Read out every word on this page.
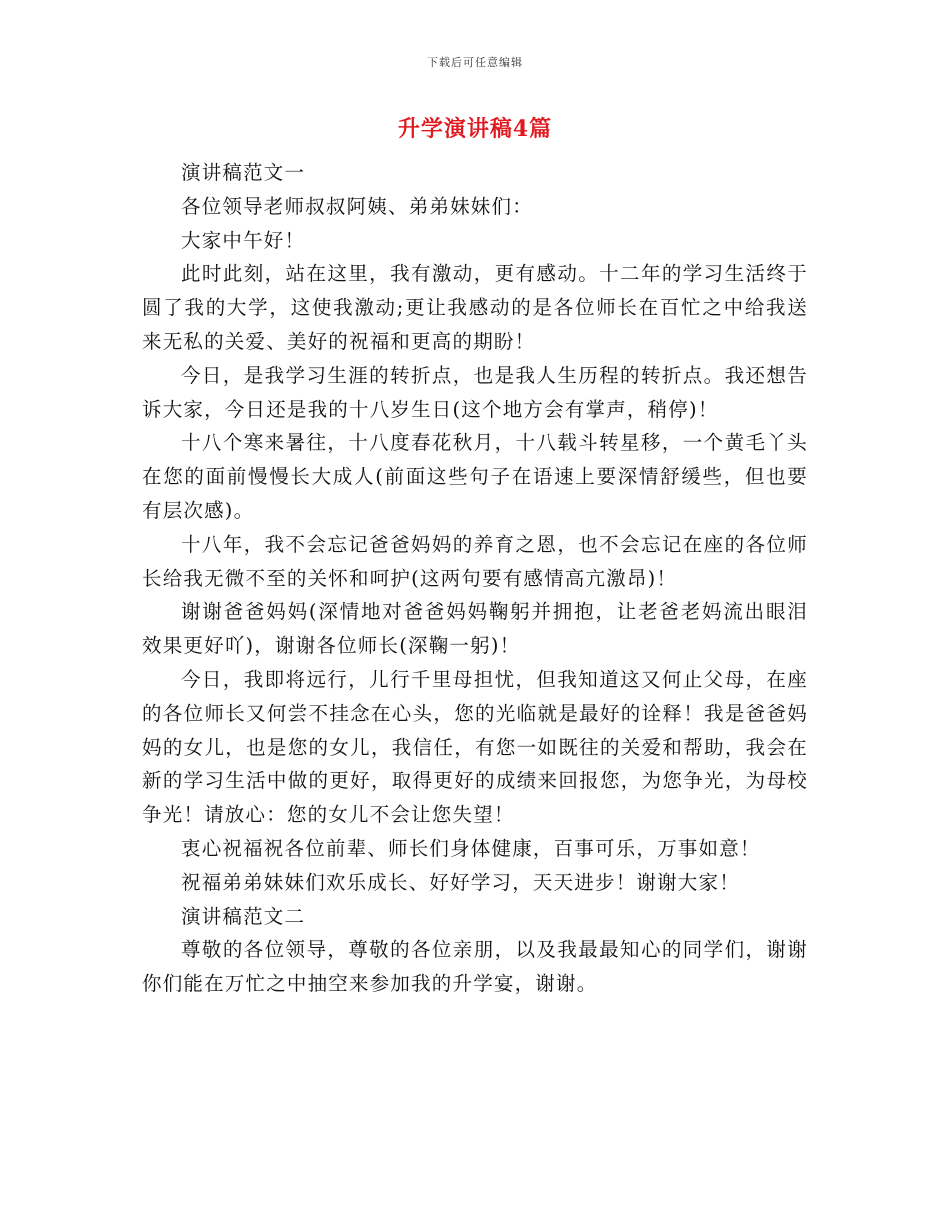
下载后可任意编辑
升学演讲稿4篇

演讲稿范文一

各位领导老师叔叔阿姨、弟弟妹妹们：

大家中午好！

此时此刻，站在这里，我有激动，更有感动。十二年的学习生活终于圆了我的大学，这使我激动;更让我感动的是各位师长在百忙之中给我送来无私的关爱、美好的祝福和更高的期盼！

今日，是我学习生涯的转折点，也是我人生历程的转折点。我还想告诉大家，今日还是我的十八岁生日(这个地方会有掌声，稍停)！

十八个寒来暑往，十八度春花秋月，十八载斗转星移，一个黄毛丫头在您的面前慢慢长大成人(前面这些句子在语速上要深情舒缓些，但也要有层次感)。

十八年，我不会忘记爸爸妈妈的养育之恩，也不会忘记在座的各位师长给我无微不至的关怀和呵护(这两句要有感情高亢激昂)！

谢谢爸爸妈妈(深情地对爸爸妈妈鞠躬并拥抱，让老爸老妈流出眼泪效果更好吖)，谢谢各位师长(深鞠一躬)！

今日，我即将远行，儿行千里母担忧，但我知道这又何止父母，在座的各位师长又何尝不挂念在心头，您的光临就是最好的诠释！我是爸爸妈妈的女儿，也是您的女儿，我信任，有您一如既往的关爱和帮助，我会在新的学习生活中做的更好，取得更好的成绩来回报您，为您争光，为母校争光！请放心：您的女儿不会让您失望！

衷心祝福祝各位前辈、师长们身体健康，百事可乐，万事如意！

祝福弟弟妹妹们欢乐成长、好好学习，天天进步！谢谢大家！

演讲稿范文二

尊敬的各位领导，尊敬的各位亲朋，以及我最最知心的同学们，谢谢你们能在万忙之中抽空来参加我的升学宴，谢谢。
